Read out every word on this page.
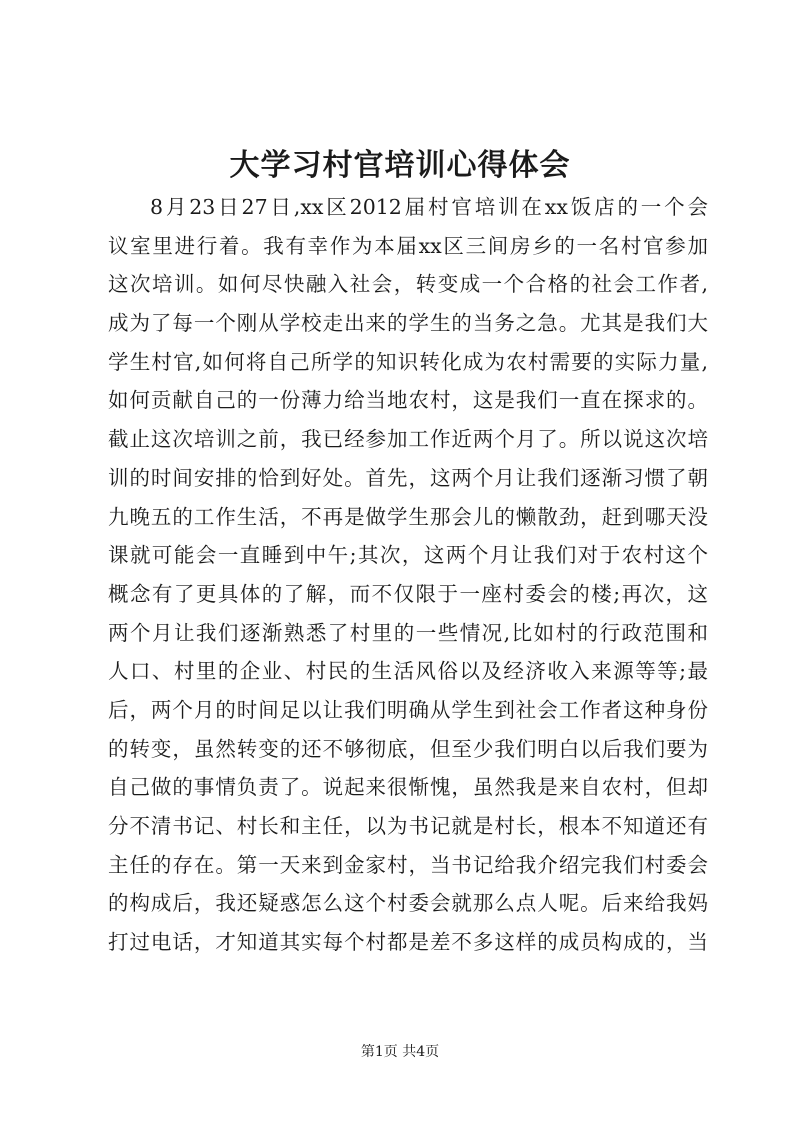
大学习村官培训心得体会
8月23日27日,xx区2012届村官培训在xx饭店的一个会
议室里进行着。我有幸作为本届xx区三间房乡的一名村官参加
这次培训。如何尽快融入社会，转变成一个合格的社会工作者,
成为了每一个刚从学校走出来的学生的当务之急。尤其是我们大
学生村官,如何将自己所学的知识转化成为农村需要的实际力量,
如何贡献自己的一份薄力给当地农村，这是我们一直在探求的。
截止这次培训之前，我已经参加工作近两个月了。所以说这次培
训的时间安排的恰到好处。首先，这两个月让我们逐渐习惯了朝
九晚五的工作生活，不再是做学生那会儿的懒散劲，赶到哪天没
课就可能会一直睡到中午;其次，这两个月让我们对于农村这个
概念有了更具体的了解，而不仅限于一座村委会的楼;再次，这
两个月让我们逐渐熟悉了村里的一些情况,比如村的行政范围和
人口、村里的企业、村民的生活风俗以及经济收入来源等等;最
后，两个月的时间足以让我们明确从学生到社会工作者这种身份
的转变，虽然转变的还不够彻底，但至少我们明白以后我们要为
自己做的事情负责了。说起来很惭愧，虽然我是来自农村，但却
分不清书记、村长和主任，以为书记就是村长，根本不知道还有
主任的存在。第一天来到金家村，当书记给我介绍完我们村委会
的构成后，我还疑惑怎么这个村委会就那么点人呢。后来给我妈
打过电话，才知道其实每个村都是差不多这样的成员构成的，当
第1页 共4页
